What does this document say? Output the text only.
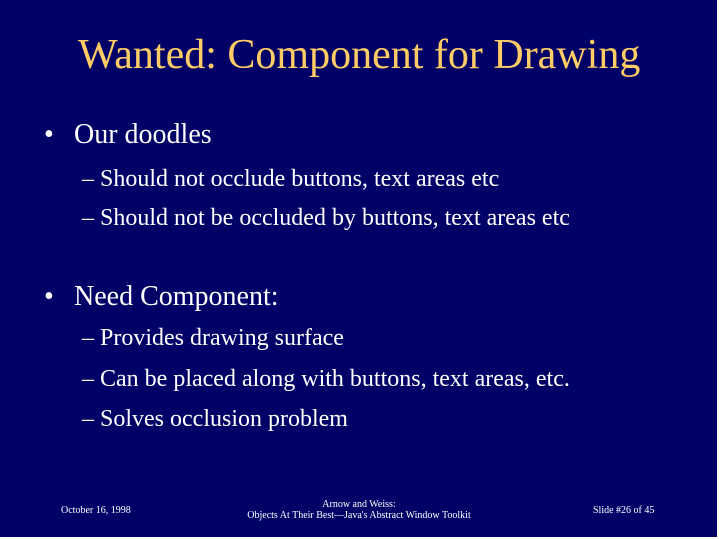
Wanted: Component for Drawing
• Our doodles
– Should not occlude buttons, text areas etc
– Should not be occluded by buttons, text areas etc
• Need Component:
– Provides drawing surface
– Can be placed along with buttons, text areas, etc.
– Solves occlusion problem
October 16, 1998
Arnow and Weiss:
Objects At Their Best—Java's Abstract Window Toolkit	Slide #26 of 45
